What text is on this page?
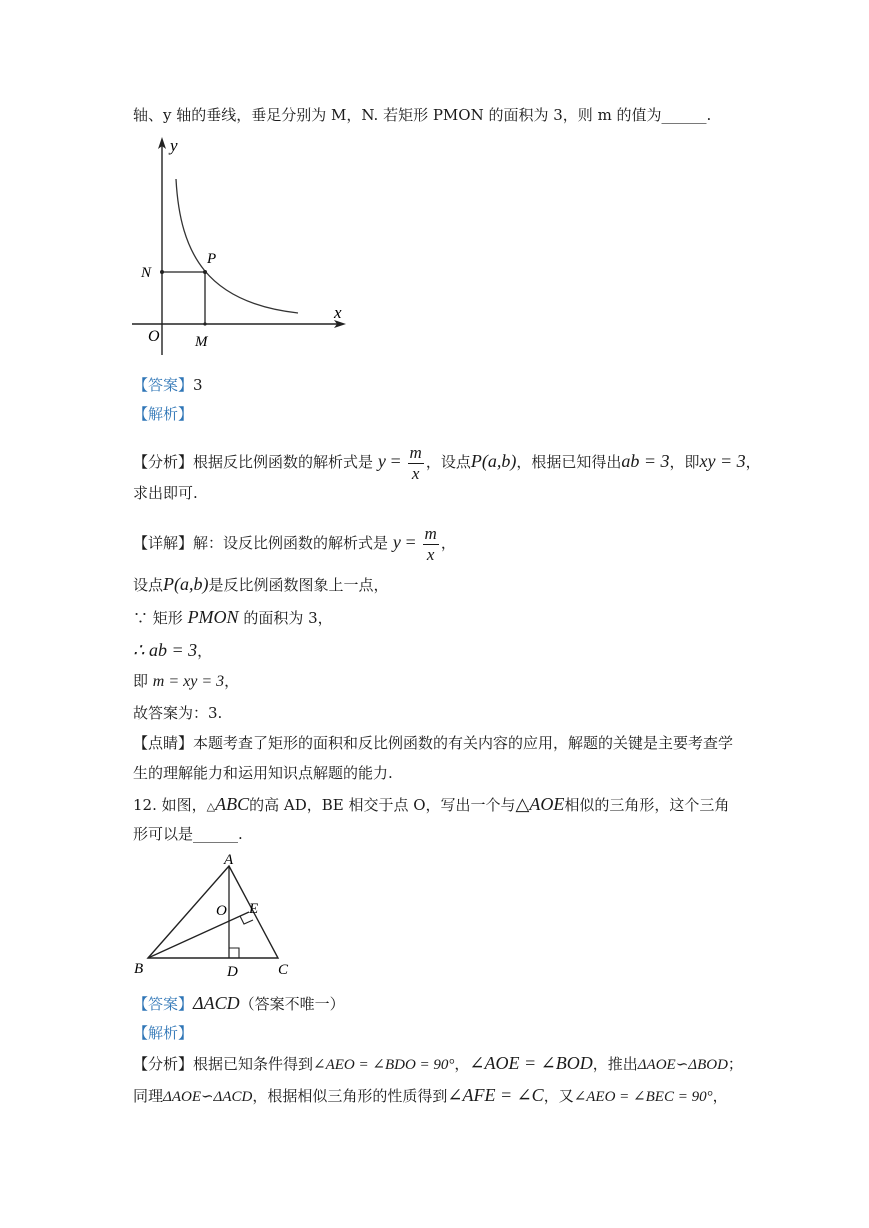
轴、y 轴的垂线，垂足分别为 M，N. 若矩形 PMON 的面积为 3，则 m 的值为______.
y
x
N
P
O M
【答案】3
【解析】
【分析】根据反比例函数的解析式是 $y = \frac{m}{x}$ ，设点P(a,b)，根据已知得出ab = 3，即xy = 3，
求出即可.
【详解】解：设反比例函数的解析式是 $y = \frac{m}{x}$ ，
设点P(a,b)是反比例函数图象上一点，
∵ 矩形 PMON 的面积为 3，
∴ ab = 3，
即 m = xy = 3，
故答案为：3.
【点睛】本题考查了矩形的面积和反比例函数的有关内容的应用，解题的关键是主要考查学
生的理解能力和运用知识点解题的能力.
12. 如图，△ABC的高 AD，BE 相交于点 O，写出一个与△AOE相似的三角形，这个三角
形可以是______.
A
O E
B	D	C
【答案】ΔACD（答案不唯一）
【解析】
【分析】根据已知条件得到∠AEO = ∠BDO = 90°，∠AOE = ∠BOD，推出ΔAOE∽ΔBOD；
同理ΔAOE∽ΔACD，根据相似三角形的性质得到∠AFE = ∠C，又∠AEO = ∠BEC = 90°，
